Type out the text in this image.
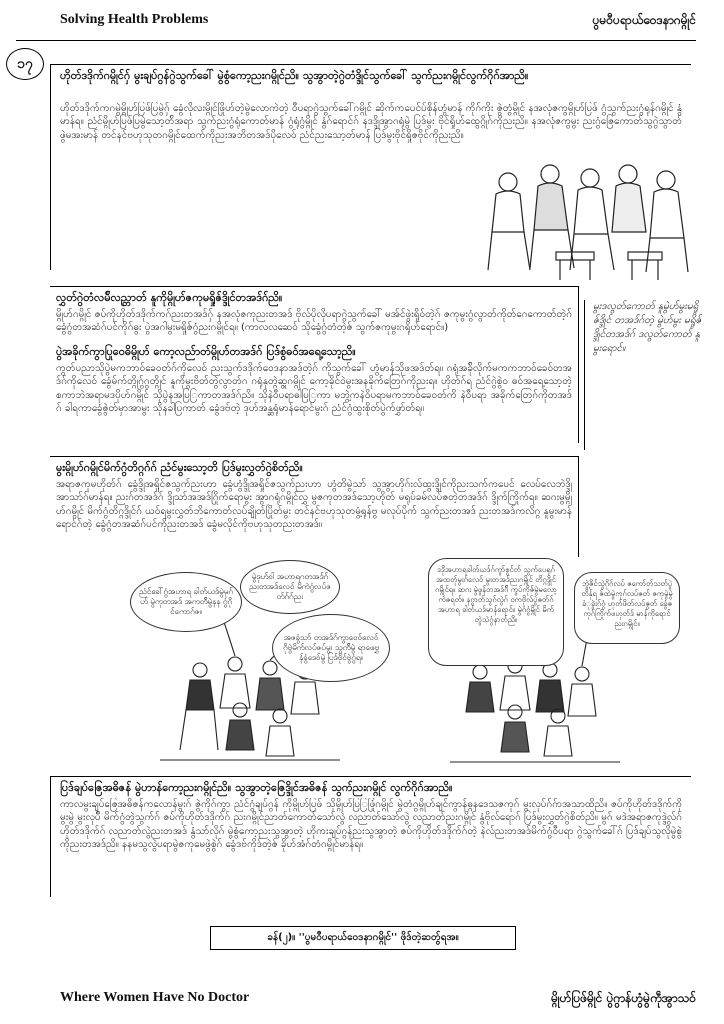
Solving Health Problems	ပွမဝီပရာယ်ဝေဒနာဂမ္ဂိုင်
၁၇
ဟိုတ်ဒဒိုက်ဂမ္ဂိုင်ဂှ် မွးချပ်ဂွန်ဂွဲသွက်ခေါ် မွဲစွံကော့ညးဂမ္ဂိုင်ညိ။ သွအွာတဲ့ဂွဲတံဒ္ဒိုင်သွက်ခေါ် သွက်ညးဂမ္ဂိုင်လွက်ဂိုဂ်အာညိ။
ဟိုတ်ဒဒိုက်ကဂမွဲမ္ဂိုဟ်ပြဖ်ပြမွဲဂှ် ခွေံလိုလးမ္ဂိုင်ဖြိုဟ်တဲ့မွဲလောကဲတဲ့ ဝီပရာဂွဲသွက်ခေါ်ဂမ္ဂိုင် ဆိုက်ကပေင်ပ်စိုန်ဟွံမာန် ကိုဂ်ကိုး ဇွဲတွံမ္ဂိုင် နအလုံဇကွမ္ဂိုဟ်ပြဖ် ဂွံသွက်ညးဂွံရုန်ဂမ္ဂိုင် နွံမာန်ရ။ ညံင်မ္ဂိုဟ်ပြဖ်ပြမွဲသော့တ်ိအရာ သွက်ညးဂွံရုံကောတ်မာန် ဂွံရုံဂွံမ္ဂိုင် နွံဂ်ရောင်ဂ် နဒဒ္ဒိုအွာဂရုံမွဲ ပြဒ်မွး ဗိုင်ရှိုဟ်ထွေဂ္ဂိုဂ်ကိုညးညိ။ နအလုံဇကွမွး ညးဂွံဇြေကောတ်သွဂွဲသွာတ် ဖွဲမအးမာန် တင်နင်ဗဟုသုတဂမ္ဂိုင်ထေက်ကိုညးအဘိတအဒ်ပိုလေဝ် ညံင်ညးသော့တ်မာန် ပြဒ်မွးဗိုင်ရှိုဇဗိုင်ကိုညးညိ။
လွှတ်ဂွဲတံလမ်ိလည္တာတ် နူကိုမ္ဂိုဟ်ဇကုမရှိုဇ်ဒ္ဒိုင်တအဒ်ဂ်ညိ။
မ္ဂိုဟ်ဂမ္ဂိုင် ဇပ်ကိုဟိုတ်ဒဒိုက်ကဂ်ညးတအဒ်ဂှ် နအလုံဇကုညးတအဒ် ဗိုလ်ပိုလိုပရာဂွဲသွက်ခေါ် မအ်င်ဖွဲးရှိုဝ်တဲ့ဂ် ဇကုမွးဂွံလွာတ်ကိုတ်ဂေကောတ်တဲ့ဂ် ခွေံဂွံတအဆံဂ်ပင်ကိုဂ်ဓွး ပွဲအဂါမွးမရှိုဇ်ဂွံညးဂမ္ဂိုင်ရ။ (ကာလလဆေဝ် သိုခွေံဂွံတံတဲ့ဇ် သွက်ဇကုမွးဂရိုဟ်ရောင်။)
ပွဲအခိုက်ကွာပြုဝေဓိမ္ဂိုဟ် ကော့လည်ာတ်မ္ဂိုဟ်တအဒ်ဂ် ပြဒ်စွံဓဝ်အရေ့သော့ညိ။
ကွတ်ပညာသိုပွဲမကဘာဝ်ခေဝတ်ဂ်ကိုလေဝ် ညးသွက်ဒဒိုက်ဝေဒနာအဒ်တဲ့ဂ် ကိုသွက်ခေါ် ဟွံမာန်သိုဖအဒ်တ်ရ။ ဂရုံအခ်ိုလိုက်မကကဘာဝ်ခေဝ်တအဒ်ဂ်ကိုလေဝ် ခွေံမ်က်တ္ဂွိုဂ်ဂွတ္ဂိုင် နူကိုမွးဗိတ်တွဲလွာတ်ဂ ဂရုံနုတ္ဂွဲဆူဂမ္ဂိုင် ကော့ခိုင်ဝဲမွးအနခိုက်တြေဂ်ကိုညးရ။ ဟိုတ်ဂ်ရ ညံင်ဂွဲစွဲဝ ဓဝ်အရေ့သော့တဲ့ စကာဘဲအရာမဒပိုဟ်ဂမ္ဂိုင် သိုပွဲနအပြြကာတအဒ်ဂ်ညိ။ သိုနဲဝီပရာဓါပြြကာ မဘွဲ့ကနဲဝိပရာမကဘာဝ်ခေဝတ်ကိ နဲဝီပရာ အခိုက်တြေဂ်ကိုတအဒ်ဂ် ခါရကာခွေံဇွဲတ်မှာအာမွး သိုနခါပြကာတ် ခွေံဒဗ်တဲ့ ဒုဟ်အန္ဆရုံမာန်ရောင်မွးဂ် ညံင်ဂွံထွးစိုတ်ပွဲက်ဖွှာ်တ်ရ။
မွးဒလွတ်ကောတ် နူမွဲဟ်မွးမရှိုဇ်ဒ္ဒိုင် တအဒ်ဂ်တဲ့ မွဲဟ်မွး မရှိုဇ်ဒ္ဒိုင်တအဒ်ဂ် ဒလွတ်ကောတ် နူမွးရောင်။
မွးမ္ဂိုဟ်ဂမ္ဂိုင်မိက်ဂွံတိဂ္ဂဂ်ဂ် ညံင်မွးသော့တိ ပြဒ်မွးလွှတ်ဂွဲစိတ်ညိ။
အရာဇကုမဟိုတ်ဂ် ခွေံဒ္ဒိုအရှိုင်ဇသွက်ညးဟာ ခွေံဟွံဒ္ဒိုအရှိုင်ဇသွက်ညးဟာ ဟွံတိမွဲသာ် သွအွာဟိုဂ်းလ်ထွးဒ္ဒိုင်ကိုညးသက်ကပေင် လေပ်လေဘဲဒ္ဒိုအာသာ်ဂ်မာန်ရ။ ညးဂ်တအဒ်ဂ် ဒ္ဒိုသာ်အအဒ်ဂြိုက်ရောမွး အွာဂရုံဂမ္ဂိုင်လွှ မွဇကုတအဒ်သော့ဟိုတ် မရုပ်ခမ်လပ်ဇတဲ့တအဒ်ဂ် ဒ္ဒိုက်ကြိုက်ရ။ ဆဂးမွမ္ဂိုဟ်ဂမ္ဂိုင် မိက်ဂွံတိဂ္ဂဒ္ဒိုင်ဂ် ယဝ်ရမွးလွှတ်ဘိကောတ်လပ်ချိုတ်ပြိုတ်မွး တင်နင်ဗဟုသုတမွံ့ရုန်ဗွ မလုပ်ပိုက် သွက်ညးတအဒ် ညးတအဒ်ကလိဂ္ဂ နူမွးမာန်ရောင်ဂ်တဲ့ ခွေံဂွံတအဆံဂ်ပင်ကိုညးတအဒ် ခွေံမလိုင်ကိုဗဟုသုတညးတအဒ်။
ညံင်ခေါ်ဂွံအဟာရ ခါတ်ယဒ်မွဲမုဂ်ဟ် မွဲကုတအဒ် အကတ်ိမွဲနန ဂွံဂိုင်ကောဂ်ဇ။
မွဲဒုဟ်ဝါ အဟာရဂတအဒ်ဂ် ညးတအဒ်လေဝ် မိကဲဂွံလပ်ဇတ်ဂ်ဂ်ညး
အဇခွံသာ် တအဒ်ဂ်ကွာဝေဝ်လေဝ် ဂိုဗွဲမိက်လပ်ဇပ်မွး သွက်ိမွဲ ရာဖေဗွှန်ခွံဒေဝ်မွဲ ပြဒ်ဗိုင်ဗွဲဂွံရ။
ဒဒိုအဟာရခါတ်ယဒ်ဂ်ကွာ်စွင်တ် သွက်ပေရုဂ်အထတ်ုမွးဂ်လေဝ် မွးတအဒ်ညးဂမ္ဂိုင် တိဂ္ဂဒ္ဒိုင်ဂမ္ဂိုင်ရ။ ဆဂး မွဲဖွန်တအဒ်ဂ်ိ ကွပ်ကိုဇ်မွဲမလော့ကဲဇရတ်။ နဂွာတ်သွဂ်လွဲဂ် ဝကဗိုလ်ပွဲဇတ်ဂ် အဟာရ ခါတ်ယဒ်မာန်ရောင်။ မွဲဂံဂွံမ္ဂိုင် မိက်တွဲသဲဂွံနာတ်ညိ။
ဘွဲ့ဇိင်သွဲဂိုဂ်လပ် ဇကော်တ်သတ်ပွဲတိန်ုရ ဇ်ထဲမွဲကုဂ်လပ်ဇတ် ဇကုမွဲမွဲခံုခွဲးဂ်ဂွံ ဟုတ်ဖိတ်လပ်ဇွတ် ခွေံဇကုဂ်ကြိုက်ဖဟုတ်ဒ် မာန်ကိုရောင်ညးဂမ္ဂိုင်။
ပြဒ်ချပ်ဇြေအဓိဇန် မွဲဟာန်ကော့ညးဂမ္ဂိုင်ညိ။ သွအွာတဲ့ဇြေဒ္ဒိုင်အဓိဇန် သွက်ညးဂမ္ဂိုင် လွက်ဂိုဂ်အာညိ။
ကာလမွးချပ်ဇြေအဓိဇန်ကလောန်မွးဂ် ဇွဲကိုဂ်ကွာ ညံင်ဂွံချပ်ဂွန် ကိုမ္ဂိုဟ်ပြဖ် သိုမ္ဂိုဟ်ပြြဖြုံဂမ္ဂိုင် မွဲတံဂွမ္ဂိုဟ်ချင်ကွာန်ဓ္ဂနဒေသဇကုဂ် မွးလုပ်ဂ်ဂ်ာအသာထိညိ။ ဇပ်ကိုဟိုတ်ဒဒိုက်ကိုမွးမွဲ မွးလုပ်ီ မိက်ဂွံတွဲသွက်ဂ် ဇပ်ကိုဟိုတ်ဒဒိုက်ဂ် ညးဂမ္ဂိုင်ညာတ်ကောတ်သော်လွဲ လညာတ်သော်လွဲ လညာတ်ညးဂမ္ဂိုင် နွံဗိုလ်ရောဂ် ပြဒ်မွးလွှတ်ဂွဲစိတ်ညိ။ မွဂ် မဒဲအရာဇကုဒ္ဒွဲလ်ဂ် ဟိုတ်ဒဒိုက်ဂ် လညာတ်လွဲညးတအဒ် နွံသာ်လိုဂ် မွဲစွံကော့ညးသွအွာတဲ့ ဟိုကးချပ်ဂွန်ညးသွအွာတဲ့ ဇပ်ကိုဟိုတ်ဒဒိုက်ဂ်တဲ့ နဲလ်ညးတအဒ်မိက်ဂွံဝီပရာ ဂွဲသွက်ခေါ်ဂ် ပြဒ်ချပ်သွလိုမွဲစွဲကိုညးတအဒ်ညိ။ နနမသွလွဲပရာမွဲဇကုမေဖွဲစွဲဂ် ခွေံဒဗ်ကိုဒ်တဲ့ဇ် ခိုဟ်အံဂ်တံဂမ္ဂိုင်မာန်ရ။
ခန်(၂)။ ''ပွမဝီပရာယ်ဝေဒနာဂမ္ဂိုင်'' ဖိုဒ်တဲ့ဆတ်ွရအ။
Where Women Have No Doctor	မ္ဂိုဟ်ပြဖ်မ္ဂိုင် ပွဲဂွာန်ဟွံမွဲကဵုအွာသဝ်
